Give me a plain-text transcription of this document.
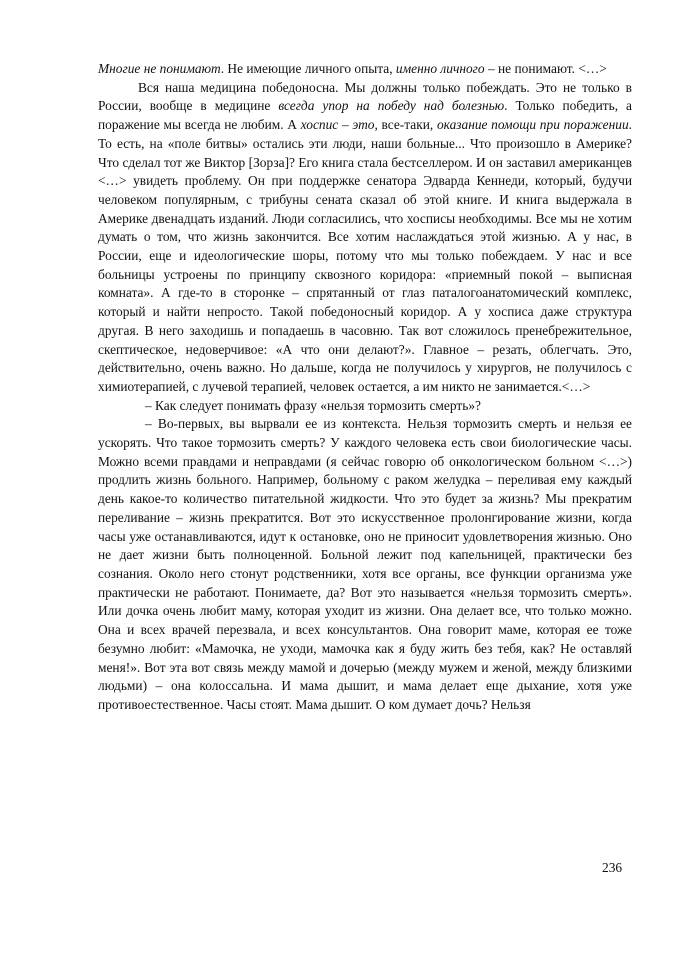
Многие не понимают. Не имеющие личного опыта, именно личного – не понимают. <…>

Вся наша медицина победоносна. Мы должны только побеждать. Это не только в России, вообще в медицине всегда упор на победу над болезнью. Только победить, а поражение мы всегда не любим. А хоспис – это, все-таки, оказание помощи при поражении. То есть, на «поле битвы» остались эти люди, наши больные... Что произошло в Америке? Что сделал тот же Виктор [Зорза]? Его книга стала бестселлером. И он заставил американцев <…> увидеть проблему. Он при поддержке сенатора Эдварда Кеннеди, который, будучи человеком популярным, с трибуны сената сказал об этой книге. И книга выдержала в Америке двенадцать изданий. Люди согласились, что хосписы необходимы. Все мы не хотим думать о том, что жизнь закончится. Все хотим наслаждаться этой жизнью. А у нас, в России, еще и идеологические шоры, потому что мы только побеждаем. У нас и все больницы устроены по принципу сквозного коридора: «приемный покой – выписная комната». А где-то в сторонке – спрятанный от глаз паталогоанатомический комплекс, который и найти непросто. Такой победоносный коридор. А у хосписа даже структура другая. В него заходишь и попадаешь в часовню. Так вот сложилось пренебрежительное, скептическое, недоверчивое: «А что они делают?». Главное – резать, облегчать. Это, действительно, очень важно. Но дальше, когда не получилось у хирургов, не получилось с химиотерапией, с лучевой терапией, человек остается, а им никто не занимается.<…>

– Как следует понимать фразу «нельзя тормозить смерть»?

– Во-первых, вы вырвали ее из контекста. Нельзя тормозить смерть и нельзя ее ускорять. Что такое тормозить смерть? У каждого человека есть свои биологические часы. Можно всеми правдами и неправдами (я сейчас говорю об онкологическом больном <…>) продлить жизнь больного. Например, больному с раком желудка – переливая ему каждый день какое-то количество питательной жидкости. Что это будет за жизнь? Мы прекратим переливание – жизнь прекратится. Вот это искусственное пролонгирование жизни, когда часы уже останавливаются, идут к остановке, оно не приносит удовлетворения жизнью. Оно не дает жизни быть полноценной. Больной лежит под капельницей, практически без сознания. Около него стонут родственники, хотя все органы, все функции организма уже практически не работают. Понимаете, да? Вот это называется «нельзя тормозить смерть». Или дочка очень любит маму, которая уходит из жизни. Она делает все, что только можно. Она и всех врачей перезвала, и всех консультантов. Она говорит маме, которая ее тоже безумно любит: «Мамочка, не уходи, мамочка как я буду жить без тебя, как? Не оставляй меня!». Вот эта вот связь между мамой и дочерью (между мужем и женой, между близкими людьми) – она колоссальна. И мама дышит, и мама делает еще дыхание, хотя уже противоестественное. Часы стоят. Мама дышит. О ком думает дочь? Нельзя

236
